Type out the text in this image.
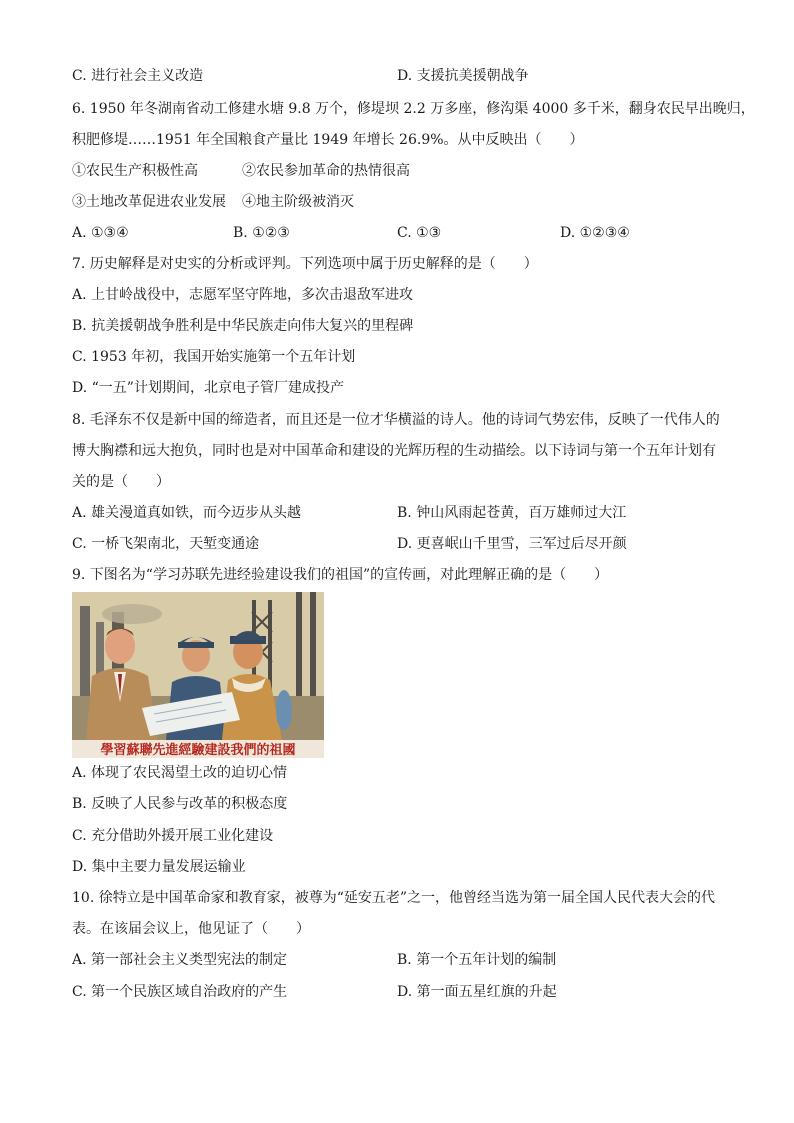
C. 进行社会主义改造	D. 支援抗美援朝战争
6. 1950 年冬湖南省动工修建水塘 9.8 万个，修堤坝 2.2 万多座，修沟渠 4000 多千米，翻身农民早出晚归，
积肥修堤……1951 年全国粮食产量比 1949 年增长 26.9%。从中反映出（　　）
①农民生产积极性高	②农民参加革命的热情很高
③土地改革促进农业发展 ④地主阶级被消灭
A. ①③④	B. ①②③	C. ①③	D. ①②③④
7. 历史解释是对史实的分析或评判。下列选项中属于历史解释的是（　　）
A. 上甘岭战役中，志愿军坚守阵地，多次击退敌军进攻
B. 抗美援朝战争胜利是中华民族走向伟大复兴的里程碑
C. 1953 年初，我国开始实施第一个五年计划
D. “一五”计划期间，北京电子管厂建成投产
8. 毛泽东不仅是新中国的缔造者，而且还是一位才华横溢的诗人。他的诗词气势宏伟，反映了一代伟人的
博大胸襟和远大抱负，同时也是对中国革命和建设的光辉历程的生动描绘。以下诗词与第一个五年计划有
关的是（　　）
A. 雄关漫道真如铁，而今迈步从头越	B. 钟山风雨起苍黄，百万雄师过大江
C. 一桥飞架南北，天堑变通途	D. 更喜岷山千里雪，三军过后尽开颜
9. 下图名为“学习苏联先进经验建设我们的祖国”的宣传画，对此理解正确的是（　　）
學習蘇聯先進經驗建設我們的祖國
A. 体现了农民渴望土改的迫切心情
B. 反映了人民参与改革的积极态度
C. 充分借助外援开展工业化建设
D. 集中主要力量发展运输业
10. 徐特立是中国革命家和教育家，被尊为“延安五老”之一，他曾经当选为第一届全国人民代表大会的代
表。在该届会议上，他见证了（　　）
A. 第一部社会主义类型宪法的制定	B. 第一个五年计划的编制
C. 第一个民族区域自治政府的产生	D. 第一面五星红旗的升起
